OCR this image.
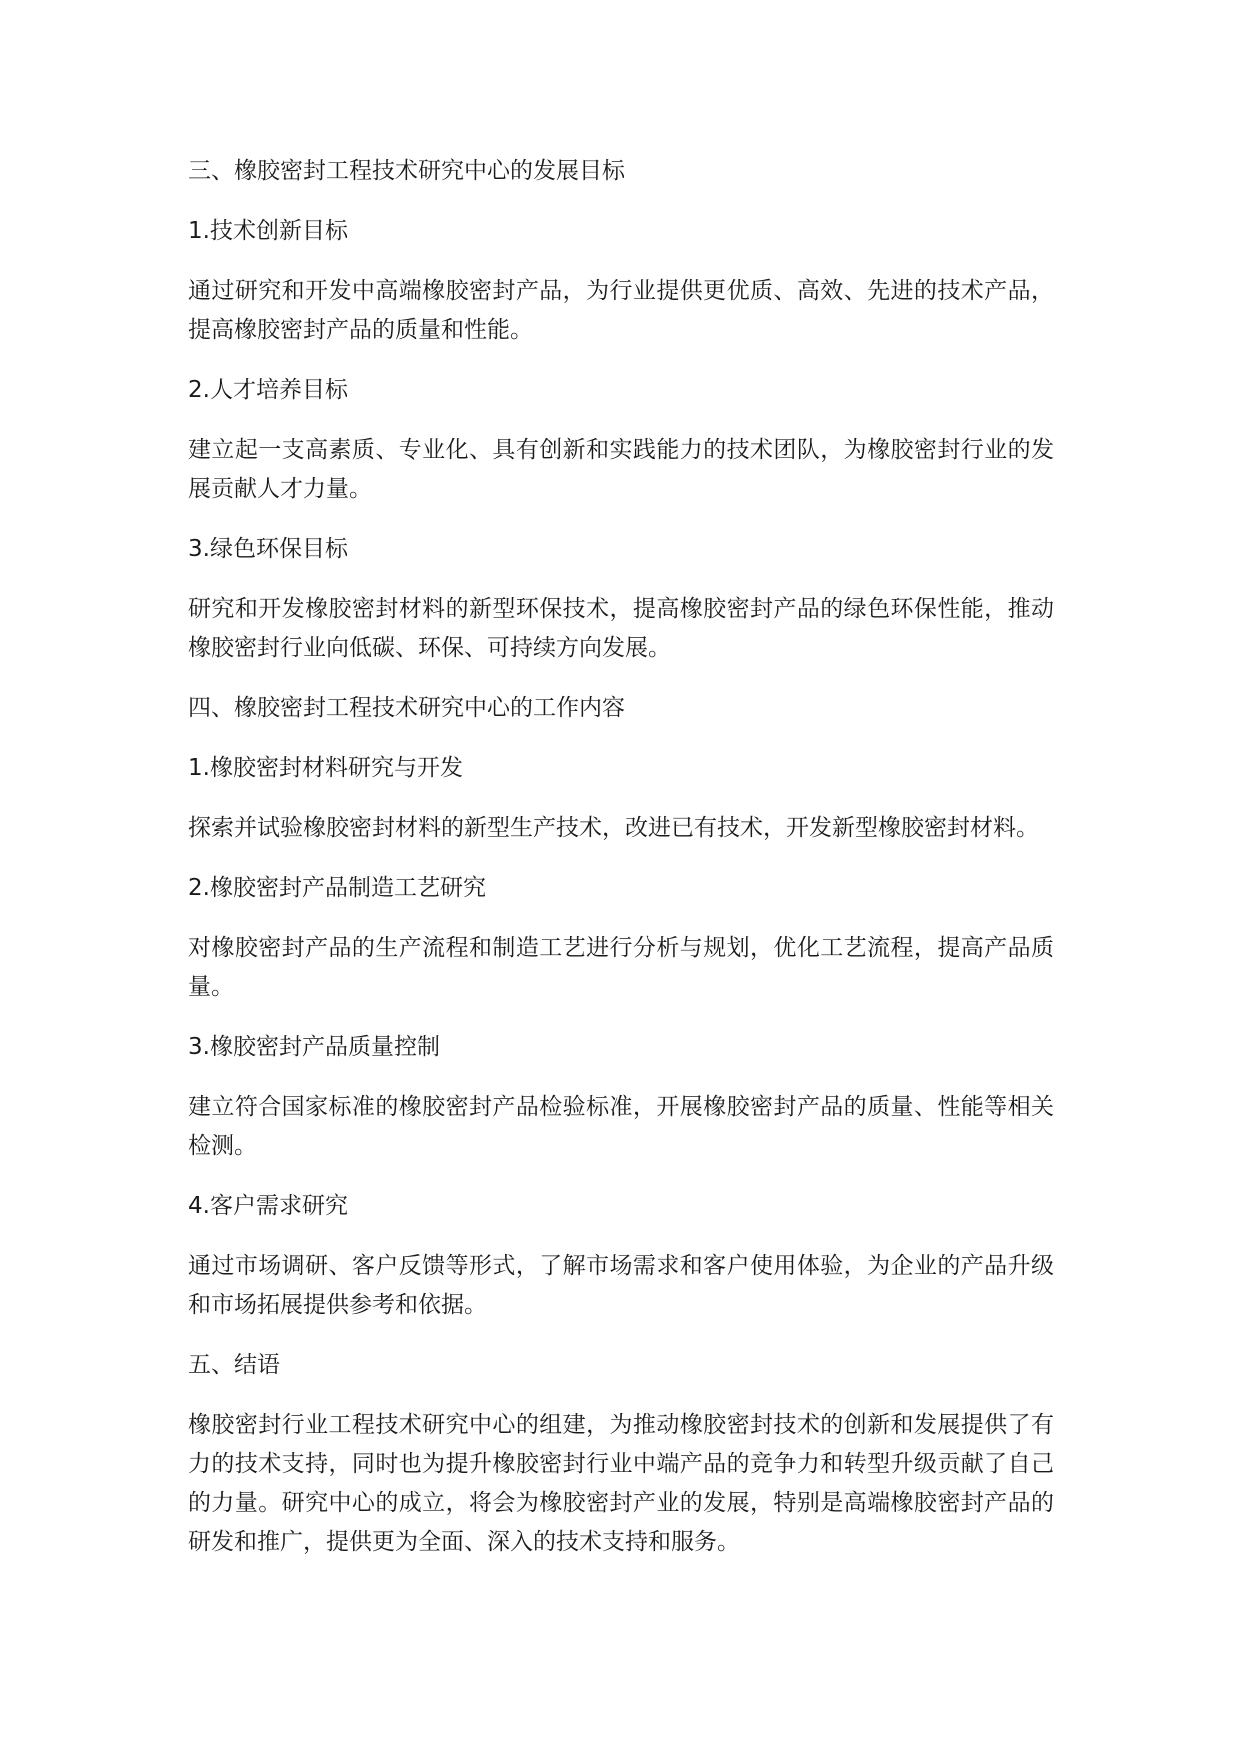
三、橡胶密封工程技术研究中心的发展目标
1.技术创新目标
通过研究和开发中高端橡胶密封产品，为行业提供更优质、高效、先进的技术产品，提高橡胶密封产品的质量和性能。
2.人才培养目标
建立起一支高素质、专业化、具有创新和实践能力的技术团队，为橡胶密封行业的发展贡献人才力量。
3.绿色环保目标
研究和开发橡胶密封材料的新型环保技术，提高橡胶密封产品的绿色环保性能，推动橡胶密封行业向低碳、环保、可持续方向发展。
四、橡胶密封工程技术研究中心的工作内容
1.橡胶密封材料研究与开发
探索并试验橡胶密封材料的新型生产技术，改进已有技术，开发新型橡胶密封材料。
2.橡胶密封产品制造工艺研究
对橡胶密封产品的生产流程和制造工艺进行分析与规划，优化工艺流程，提高产品质量。
3.橡胶密封产品质量控制
建立符合国家标准的橡胶密封产品检验标准，开展橡胶密封产品的质量、性能等相关检测。
4.客户需求研究
通过市场调研、客户反馈等形式，了解市场需求和客户使用体验，为企业的产品升级和市场拓展提供参考和依据。
五、结语
橡胶密封行业工程技术研究中心的组建，为推动橡胶密封技术的创新和发展提供了有力的技术支持，同时也为提升橡胶密封行业中端产品的竞争力和转型升级贡献了自己的力量。研究中心的成立，将会为橡胶密封产业的发展，特别是高端橡胶密封产品的研发和推广，提供更为全面、深入的技术支持和服务。
